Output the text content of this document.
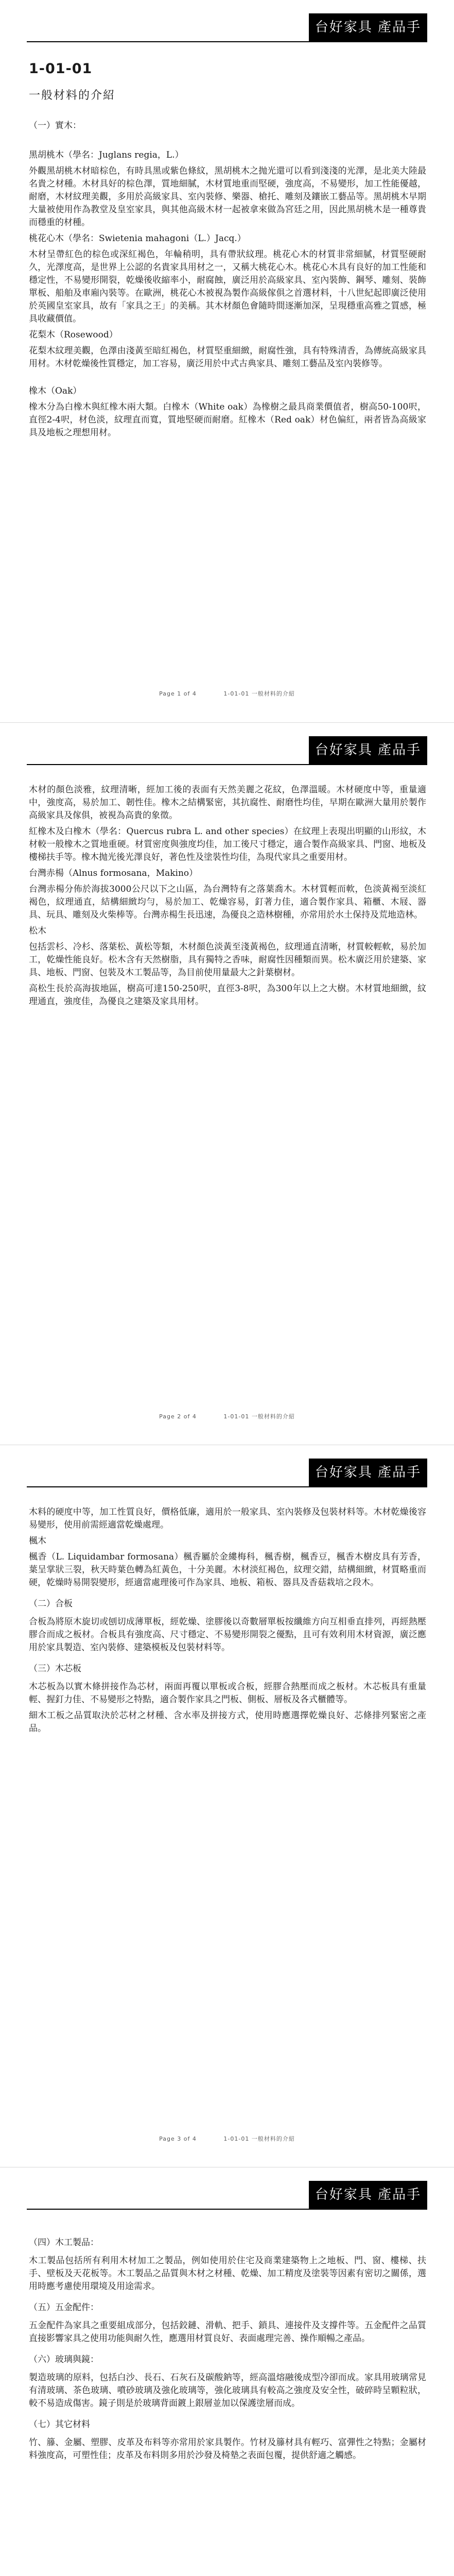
台好家具 產品手冊
1-01-01
一般材料的介紹

（一）實木：

黑胡桃木（學名：Juglans regia，L.）

外觀黑胡桃木材暗棕色，有時具黑或紫色條紋，黑胡桃木之抛光還可以看到淺淺的光澤，是北美大陸最名貴之材種。木材具好的棕色澤，質地細膩，木材質地重而堅硬，強度高，不易變形，加工性能優越，耐磨，木材紋理美觀，多用於高級家具、室內裝修、樂器、槍托、雕刻及鑲嵌工藝品等。黑胡桃木早期大量被使用作為教堂及皇室家具，與其他高級木材一起被拿來做為宮廷之用，因此黑胡桃木是一種尊貴而穩重的材種。

桃花心木（學名：Swietenia mahagoni（L.）Jacq.）

木材呈帶紅色的棕色或深紅褐色，年輪稍明，具有帶狀紋理。桃花心木的材質非常細膩，材質堅硬耐久，光澤度高，是世界上公認的名貴家具用材之一，又稱大桃花心木。桃花心木具有良好的加工性能和穩定性，不易變形開裂，乾燥後收縮率小，耐腐蝕，廣泛用於高級家具、室內裝飾、鋼琴、雕刻、裝飾單板、船舶及車廂內裝等。在歐洲，桃花心木被視為製作高級傢俱之首選材料，十八世紀起即廣泛使用於英國皇室家具，故有「家具之王」的美稱。其木材顏色會隨時間逐漸加深，呈現穩重高雅之質感，極具收藏價值。

花梨木（Rosewood）

花梨木紋理美觀，色澤由淺黃至暗紅褐色，材質堅重細緻，耐腐性強，具有特殊清香，為傳統高級家具用材。木材乾燥後性質穩定，加工容易，廣泛用於中式古典家具、雕刻工藝品及室內裝修等。

橡木（Oak）

橡木分為白橡木與紅橡木兩大類。白橡木（White oak）為橡樹之最具商業價值者，樹高50-100呎，直徑2-4呎，材色淡，紋理直而寬，質地堅硬而耐磨。紅橡木（Red oak）材色偏紅，兩者皆為高級家具及地板之理想用材。

Page 1 of 4	1-01-01 一般材料的介紹
台好家具 產品手冊

木材的顏色淡雅，紋理清晰，經加工後的表面有天然美麗之花紋，色澤溫暖。木材硬度中等，重量適中，強度高，易於加工、韌性佳。橡木之結構緊密，其抗腐性、耐磨性均佳，早期在歐洲大量用於製作高級家具及傢俱，被視為高貴的象徵。

紅橡木及白橡木（學名：Quercus rubra L. and other species）在紋理上表現出明顯的山形紋，木材較一般橡木之質地重硬。材質密度與強度均佳，加工後尺寸穩定，適合製作高級家具、門窗、地板及樓梯扶手等。橡木抛光後光澤良好，著色性及塗裝性均佳，為現代家具之重要用材。

台灣赤楊（Alnus formosana，Makino）

台灣赤楊分佈於海拔3000公尺以下之山區，為台灣特有之落葉喬木。木材質輕而軟，色淡黃褐至淡紅褐色，紋理通直，結構細緻均勻，易於加工、乾燥容易，釘著力佳，適合製作家具、箱櫃、木屐、器具、玩具、雕刻及火柴棒等。台灣赤楊生長迅速，為優良之造林樹種，亦常用於水土保持及荒地造林。

松木

包括雲杉、冷杉、落葉松、黃松等類，木材顏色淡黃至淺黃褐色，紋理通直清晰，材質較輕軟，易於加工，乾燥性能良好。松木含有天然樹脂，具有獨特之香味，耐腐性因種類而異。松木廣泛用於建築、家具、地板、門窗、包裝及木工製品等，為目前使用量最大之針葉樹材。

高松生長於高海拔地區，樹高可達150-250呎，直徑3-8呎，為300年以上之大樹。木材質地細緻，紋理通直，強度佳，為優良之建築及家具用材。

Page 2 of 4	1-01-01 一般材料的介紹
台好家具 產品手冊

木料的硬度中等，加工性質良好，價格低廉，適用於一般家具、室內裝修及包裝材料等。木材乾燥後容易變形，使用前需經適當乾燥處理。

楓木

楓香（L. Liquidambar formosana）楓香屬於金縷梅科，楓香樹，楓香豆，楓香木樹皮具有芳香，葉呈掌狀三裂，秋天時葉色轉為紅黃色，十分美麗。木材淡紅褐色，紋理交錯，結構細緻，材質略重而硬，乾燥時易開裂變形，經適當處理後可作為家具、地板、箱板、器具及香菇栽培之段木。

（二）合板

合板為將原木旋切或刨切成薄單板，經乾燥、塗膠後以奇數層單板按纖維方向互相垂直排列，再經熱壓膠合而成之板材。合板具有強度高、尺寸穩定、不易變形開裂之優點，且可有效利用木材資源，廣泛應用於家具製造、室內裝修、建築模板及包裝材料等。

（三）木芯板

木芯板為以實木條拼接作為芯材，兩面再覆以單板或合板，經膠合熱壓而成之板材。木芯板具有重量輕、握釘力佳、不易變形之特點，適合製作家具之門板、側板、層板及各式櫃體等。

細木工板之品質取決於芯材之材種、含水率及拼接方式，使用時應選擇乾燥良好、芯條排列緊密之產品。

Page 3 of 4	1-01-01 一般材料的介紹
台好家具 產品手冊

（四）木工製品：

木工製品包括所有利用木材加工之製品，例如使用於住宅及商業建築物上之地板、門、窗、樓梯、扶手、壁板及天花板等。木工製品之品質與木材之材種、乾燥、加工精度及塗裝等因素有密切之關係，選用時應考慮使用環境及用途需求。

（五）五金配件：

五金配件為家具之重要組成部分，包括鉸鏈、滑軌、把手、鎖具、連接件及支撐件等。五金配件之品質直接影響家具之使用功能與耐久性，應選用材質良好、表面處理完善、操作順暢之產品。

（六）玻璃與鏡：

製造玻璃的原料，包括白沙、長石、石灰石及碳酸鈉等，經高溫熔融後成型冷卻而成。家具用玻璃常見有清玻璃、茶色玻璃、噴砂玻璃及強化玻璃等，強化玻璃具有較高之強度及安全性，破碎時呈顆粒狀，較不易造成傷害。鏡子則是於玻璃背面鍍上銀層並加以保護塗層而成。

（七）其它材料

竹、籐、金屬、塑膠、皮革及布料等亦常用於家具製作。竹材及籐材具有輕巧、富彈性之特點；金屬材料強度高，可塑性佳；皮革及布料則多用於沙發及椅墊之表面包覆，提供舒適之觸感。
